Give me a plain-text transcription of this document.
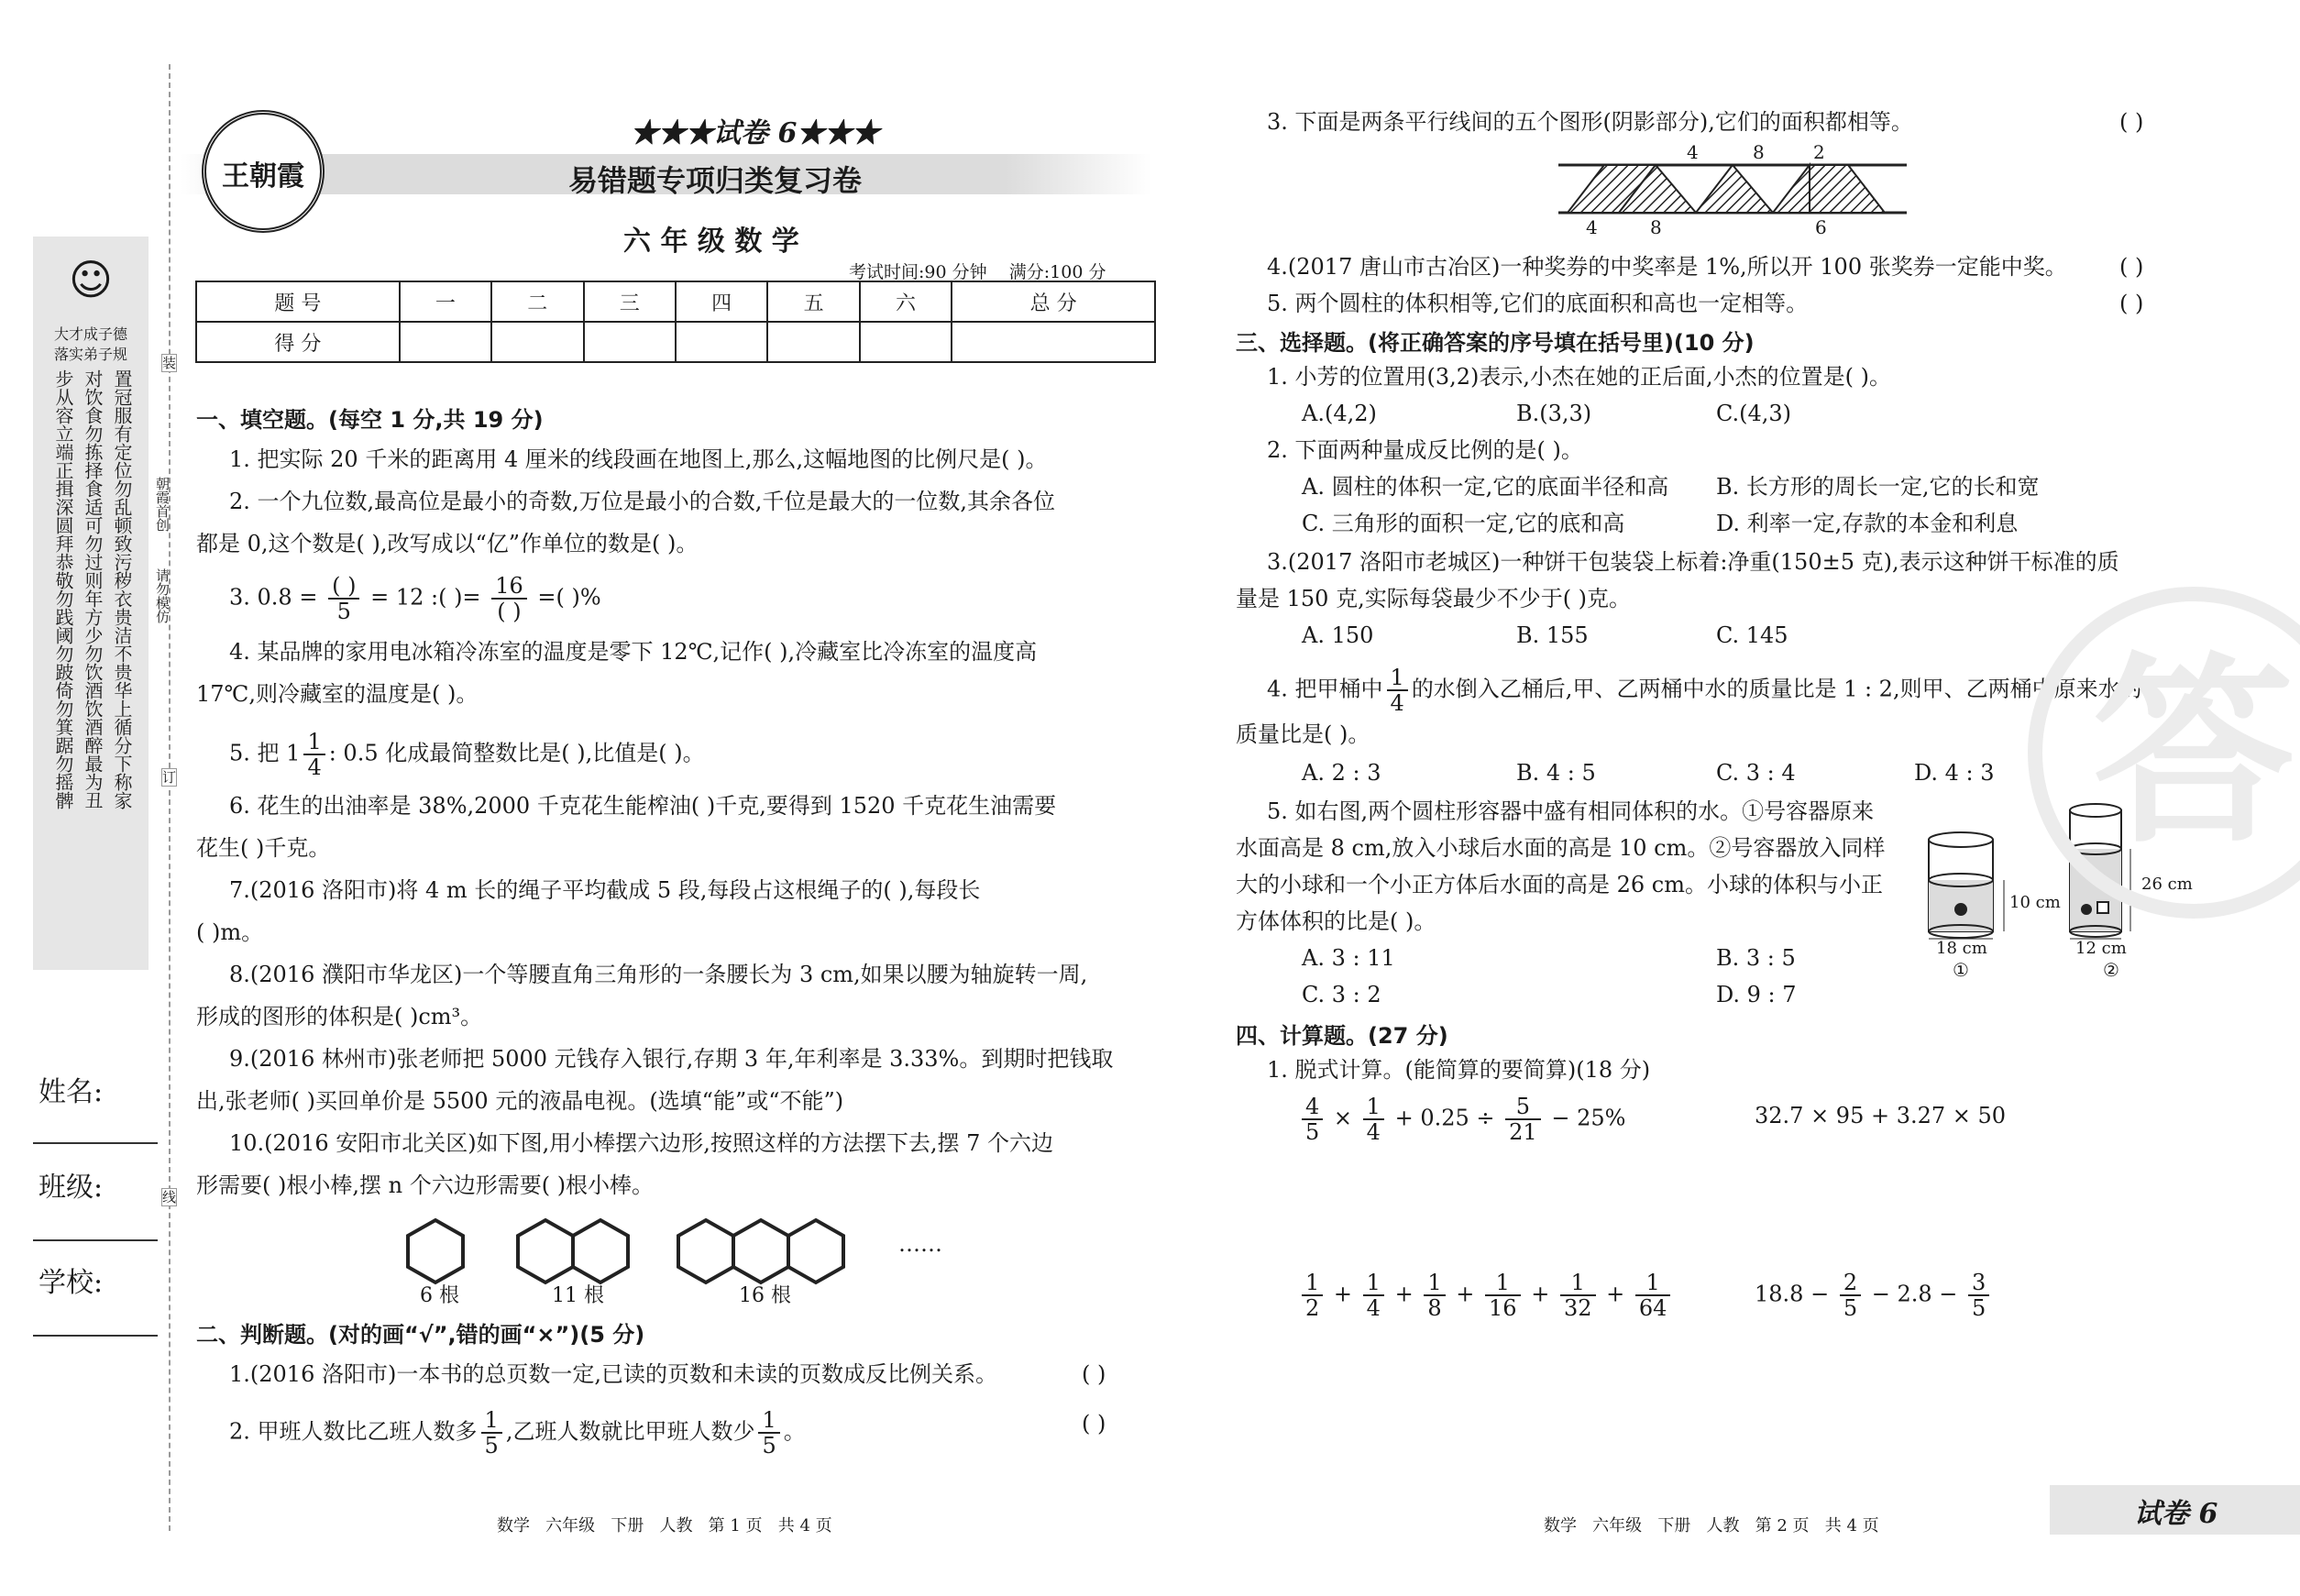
☺
大才成子德
落实弟子规
步从容立端正揖深圆拜恭敬勿践阈勿跛倚勿箕踞勿摇髀 对饮食勿拣择食适可勿过则年方少勿饮酒饮酒醉最为丑 置冠服有定位勿乱顿致污秽衣贵洁不贵华上循分下称家 朝霞首创
请勿模仿
装
订
线
姓名:
班级:
学校:
王朝霞
★★★试卷 6★★★
易错题专项归类复习卷
六 年 级 数 学
考试时间:90 分钟    满分:100 分
题 号	一	二	三	四	五	六	总 分
得 分							
一、填空题。(每空 1 分,共 19 分)
1. 把实际 20 千米的距离用 4 厘米的线段画在地图上,那么,这幅地图的比例尺是( )。
2. 一个九位数,最高位是最小的奇数,万位是最小的合数,千位是最大的一位数,其余各位
都是 0,这个数是( ),改写成以“亿”作单位的数是( )。
3. $0.8 = \frac{( )}{5} = 12$ :( )= $\frac{16}{( )}$ =( )%
4. 某品牌的家用电冰箱冷冻室的温度是零下 12℃,记作( ),冷藏室比冷冻室的温度高
17℃,则冷藏室的温度是( )。
5. 把 $1 \frac{1}{4}$ : 0.5 化成最简整数比是( ),比值是( )。
6. 花生的出油率是 38%,2000 千克花生能榨油( )千克,要得到 1520 千克花生油需要
花生( )千克。
7.(2016 洛阳市)将 4 m 长的绳子平均截成 5 段,每段占这根绳子的( ),每段长
( )m。
8.(2016 濮阳市华龙区)一个等腰直角三角形的一条腰长为 3 cm,如果以腰为轴旋转一周,
形成的图形的体积是( )cm³。
9.(2016 林州市)张老师把 5000 元钱存入银行,存期 3 年,年利率是 3.33%。到期时把钱取
出,张老师( )买回单价是 5500 元的液晶电视。(选填“能”或“不能”)
10.(2016 安阳市北关区)如下图,用小棒摆六边形,按照这样的方法摆下去,摆 7 个六边
形需要( )根小棒,摆 n 个六边形需要( )根小棒。
……
6 根	11 根	16 根
二、判断题。(对的画“√”,错的画“×”)(5 分)
1.(2016 洛阳市)一本书的总页数一定,已读的页数和未读的页数成反比例关系。	( )
2. 甲班人数比乙班人数多 $\frac{1}{5}$ ,乙班人数就比甲班人数少 $\frac{1}{5}$ 。	( )
3. 下面是两条平行线间的五个图形(阴影部分),它们的面积都相等。	( )
4	8	2
4	8	6
4.(2017 唐山市古冶区)一种奖券的中奖率是 1%,所以开 100 张奖券一定能中奖。 ( )
5. 两个圆柱的体积相等,它们的底面积和高也一定相等。	( )
三、选择题。(将正确答案的序号填在括号里)(10 分)
1. 小芳的位置用(3,2)表示,小杰在她的正后面,小杰的位置是( )。
A.(4,2)	B.(3,3)	C.(4,3)
2. 下面两种量成反比例的是( )。
A. 圆柱的体积一定,它的底面半径和高 B. 长方形的周长一定,它的长和宽
C. 三角形的面积一定,它的底和高	D. 利率一定,存款的本金和利息
3.(2017 洛阳市老城区)一种饼干包装袋上标着:净重(150±5 克),表示这种饼干标准的质
量是 150 克,实际每袋最少不少于( )克。
A. 150	B. 155	C. 145
4. 把甲桶中 $\frac{1}{4}$ 的水倒入乙桶后,甲、乙两桶中水的质量比是 1 : 2,则甲、乙两桶中原来水的
质量比是( )。
A. 2 : 3	B. 4 : 5	C. 3 : 4	D. 4 : 3
5. 如右图,两个圆柱形容器中盛有相同体积的水。①号容器原来
水面高是 8 cm,放入小球后水面的高是 10 cm。②号容器放入同样
大的小球和一个小正方体后水面的高是 26 cm。小球的体积与小正
方体体积的比是( )。
A. 3 : 11	B. 3 : 5
C. 3 : 2	D. 9 : 7
10 cm
26 cm
18 cm	12 cm
①	②
四、计算题。(27 分)
1. 脱式计算。(能简算的要简算)(18 分)
$\frac{4}{5} \times \frac{1}{4} + 0.25 \div \frac{5}{21} - 25\%$	32.7 × 95 + 3.27 × 50
$\frac{1}{2} + \frac{1}{4} + \frac{1}{8} + \frac{1}{16} + \frac{1}{32} + \frac{1}{64}$	$18.8 - \frac{2}{5} - 2.8 - \frac{3}{5}$
答
数学   六年级   下册   人教   第 1 页   共 4 页	数学   六年级   下册   人教   第 2 页   共 4 页	试卷 6
